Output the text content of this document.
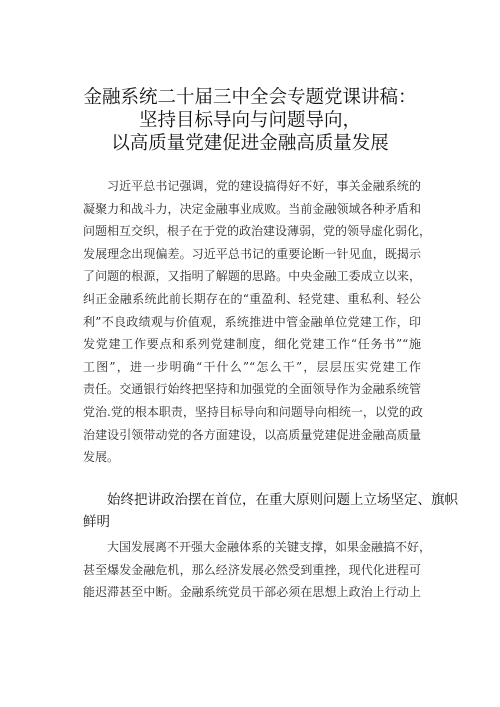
金融系统二十届三中全会专题党课讲稿：
坚持目标导向与问题导向，
以高质量党建促进金融高质量发展
习近平总书记强调，党的建设搞得好不好，事关金融系统的
凝聚力和战斗力，决定金融事业成败。当前金融领域各种矛盾和
问题相互交织，根子在于党的政治建设薄弱，党的领导虚化弱化，
发展理念出现偏差。习近平总书记的重要论断一针见血，既揭示
了问题的根源，又指明了解题的思路。中央金融工委成立以来，
纠正金融系统此前长期存在的“重盈利、轻党建、重私利、轻公
利”不良政绩观与价值观，系统推进中管金融单位党建工作，印
发党建工作要点和系列党建制度，细化党建工作“任务书”“施
工图”，进一步明确“干什么”“怎么干”，层层压实党建工作
责任。交通银行始终把坚持和加强党的全面领导作为金融系统管
党治.党的根本职责，坚持目标导向和问题导向相统一，以党的政
治建设引领带动党的各方面建设，以高质量党建促进金融高质量
发展。
始终把讲政治摆在首位，在重大原则问题上立场坚定、旗帜
鲜明
大国发展离不开强大金融体系的关键支撑，如果金融搞不好，
甚至爆发金融危机，那么经济发展必然受到重挫，现代化进程可
能迟滞甚至中断。金融系统党员干部必须在思想上政治上行动上
